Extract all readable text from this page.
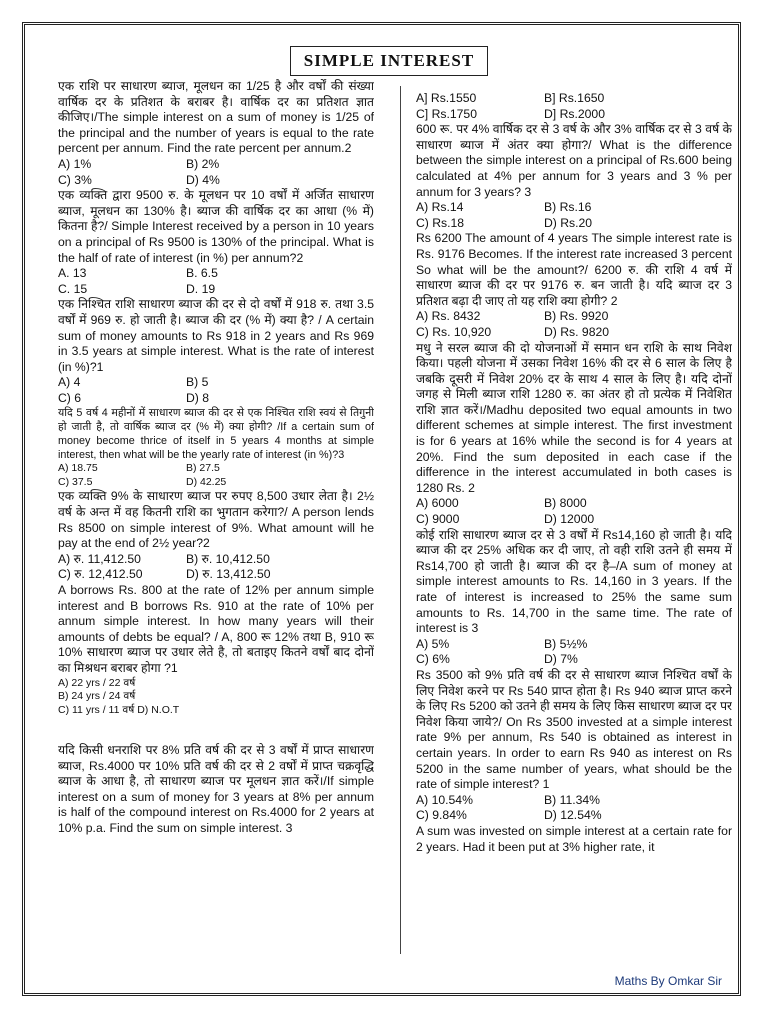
SIMPLE INTEREST

एक राशि पर साधारण ब्याज, मूलधन का 1/25 है और वर्षों की संख्या वार्षिक दर के प्रतिशत के बराबर है। वार्षिक दर का प्रतिशत ज्ञात कीजिए।/The simple interest on a sum of money is 1/25 of the principal and the number of years is equal to the rate percent per annum. Find the rate percent per annum.2

A) 1%	B) 2%
C) 3%	D) 4%

एक व्यक्ति द्वारा 9500 रु. के मूलधन पर 10 वर्षों में अर्जित साधारण ब्याज, मूलधन का 130% है। ब्याज की वार्षिक दर का आधा (% में) कितना है?/ Simple Interest received by a person in 10 years on a principal of Rs 9500 is 130% of the principal. What is the half of rate of interest (in %) per annum?2

A. 13	B. 6.5
C. 15	D. 19

एक निश्चित राशि साधारण ब्याज की दर से दो वर्षों में 918 रु. तथा 3.5 वर्षों में 969 रु. हो जाती है। ब्याज की दर (% में) क्या है? / A certain sum of money amounts to Rs 918 in 2 years and Rs 969 in 3.5 years at simple interest. What is the rate of interest (in %)?1

A) 4	B) 5
C) 6	D) 8

यदि 5 वर्ष 4 महीनों में साधारण ब्याज की दर से एक निश्चित राशि स्वयं से तिगुनी हो जाती है, तो वार्षिक ब्याज दर (% में) क्या होगी? /If a certain sum of money become thrice of itself in 5 years 4 months at simple interest, then what will be the yearly rate of interest (in %)?3

A) 18.75	B) 27.5
C) 37.5	D) 42.25

एक व्यक्ति 9% के साधारण ब्याज पर रुपए 8,500 उधार लेता है। 2½ वर्ष के अन्त में वह कितनी राशि का भुगतान करेगा?/ A person lends Rs 8500 on simple interest of 9%. What amount will he pay at the end of 2½ year?2

A) रु. 11,412.50	B) रु. 10,412.50
C) रु. 12,412.50	D) रु. 13,412.50

A borrows Rs. 800 at the rate of 12% per annum simple interest and B borrows Rs. 910 at the rate of 10% per annum simple interest. In how many years will their amounts of debts be equal? / A, 800 रू 12% तथा B, 910 रू 10% साधारण ब्याज पर उधार लेते है, तो बताइए कितने वर्षों बाद दोनों का मिश्रधन बराबर होगा ?1

A) 22 yrs / 22 वर्ष
B) 24 yrs / 24 वर्ष
C) 11 yrs / 11 वर्ष D) N.O.T

यदि किसी धनराशि पर 8% प्रति वर्ष की दर से 3 वर्षों में प्राप्त साधारण ब्याज, Rs.4000 पर 10% प्रति वर्ष की दर से 2 वर्षों में प्राप्त चक्रवृद्धि ब्याज के आधा है, तो साधारण ब्याज पर मूलधन ज्ञात करें।/If simple interest on a sum of money for 3 years at 8% per annum is half of the compound interest on Rs.4000 for 2 years at 10% p.a. Find the sum on simple interest. 3

A] Rs.1550	B] Rs.1650
C] Rs.1750	D] Rs.2000

600 रू. पर 4% वार्षिक दर से 3 वर्ष के और 3% वार्षिक दर से 3 वर्ष के साधारण ब्याज में अंतर क्या होगा?/ What is the difference between the simple interest on a principal of Rs.600 being calculated at 4% per annum for 3 years and 3 % per annum for 3 years? 3

A) Rs.14	B) Rs.16
C) Rs.18	D) Rs.20

Rs 6200 The amount of 4 years The simple interest rate is Rs. 9176 Becomes. If the interest rate increased 3 percent So what will be the amount?/ 6200 रु. की राशि 4 वर्ष में साधारण ब्याज की दर पर 9176 रु. बन जाती है। यदि ब्याज दर 3 प्रतिशत बढ़ा दी जाए तो यह राशि क्या होगी? 2

A) Rs. 8432	B) Rs. 9920
C) Rs. 10,920	D) Rs. 9820

मधु ने सरल ब्याज की दो योजनाओं में समान धन राशि के साथ निवेश किया। पहली योजना में उसका निवेश 16% की दर से 6 साल के लिए है जबकि दूसरी में निवेश 20% दर के साथ 4 साल के लिए है। यदि दोनों जगह से मिली ब्याज राशि 1280 रु. का अंतर हो तो प्रत्येक में निवेशित राशि ज्ञात करें।/Madhu deposited two equal amounts in two different schemes at simple interest. The first investment is for 6 years at 16% while the second is for 4 years at 20%. Find the sum deposited in each case if the difference in the interest accumulated in both cases is 1280 Rs. 2

A) 6000	B) 8000
C) 9000	D) 12000

कोई राशि साधारण ब्याज दर से 3 वर्षों में Rs14,160 हो जाती है। यदि ब्याज की दर 25% अधिक कर दी जाए, तो वही राशि उतने ही समय में Rs14,700 हो जाती है। ब्याज की दर है–/A sum of money at simple interest amounts to Rs. 14,160 in 3 years. If the rate of interest is increased to 25% the same sum amounts to Rs. 14,700 in the same time. The rate of interest is 3

A) 5%	B) 5½%
C) 6%	D) 7%

Rs 3500 को 9% प्रति वर्ष की दर से साधारण ब्याज निश्चित वर्षों के लिए निवेश करने पर Rs 540 प्राप्त होता है। Rs 940 ब्याज प्राप्त करने के लिए Rs 5200 को उतने ही समय के लिए किस साधारण ब्याज दर पर निवेश किया जाये?/ On Rs 3500 invested at a simple interest rate 9% per annum, Rs 540 is obtained as interest in certain years. In order to earn Rs 940 as interest on Rs 5200 in the same number of years, what should be the rate of simple interest? 1

A) 10.54%	B) 11.34%
C) 9.84%	D) 12.54%

A sum was invested on simple interest at a certain rate for 2 years. Had it been put at 3% higher rate, it

Maths By Omkar Sir
